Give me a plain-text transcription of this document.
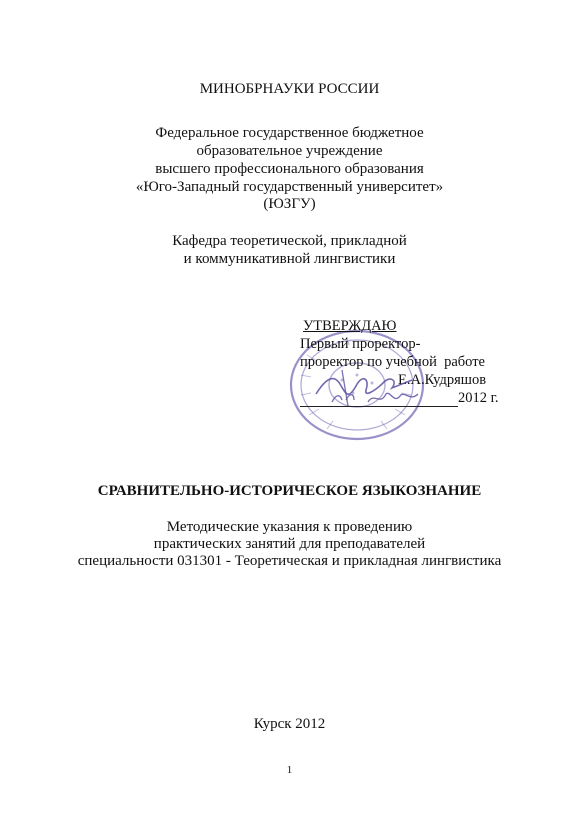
МИНОБРНАУКИ РОССИИ
Федеральное государственное бюджетное
образовательное учреждение
высшего профессионального образования
«Юго-Западный государственный университет»
(ЮЗГУ)
Кафедра теоретической, прикладной
и коммуникативной лингвистики
УТВЕРЖДАЮ
Первый проректор-
проректор по учебной  работе
Е.А.Кудряшов
2012 г.
СРАВНИТЕЛЬНО-ИСТОРИЧЕСКОЕ ЯЗЫКОЗНАНИЕ
Методические указания к проведению
практических занятий для преподавателей
специальности 031301 - Теоретическая и прикладная лингвистика
Курск 2012
1
